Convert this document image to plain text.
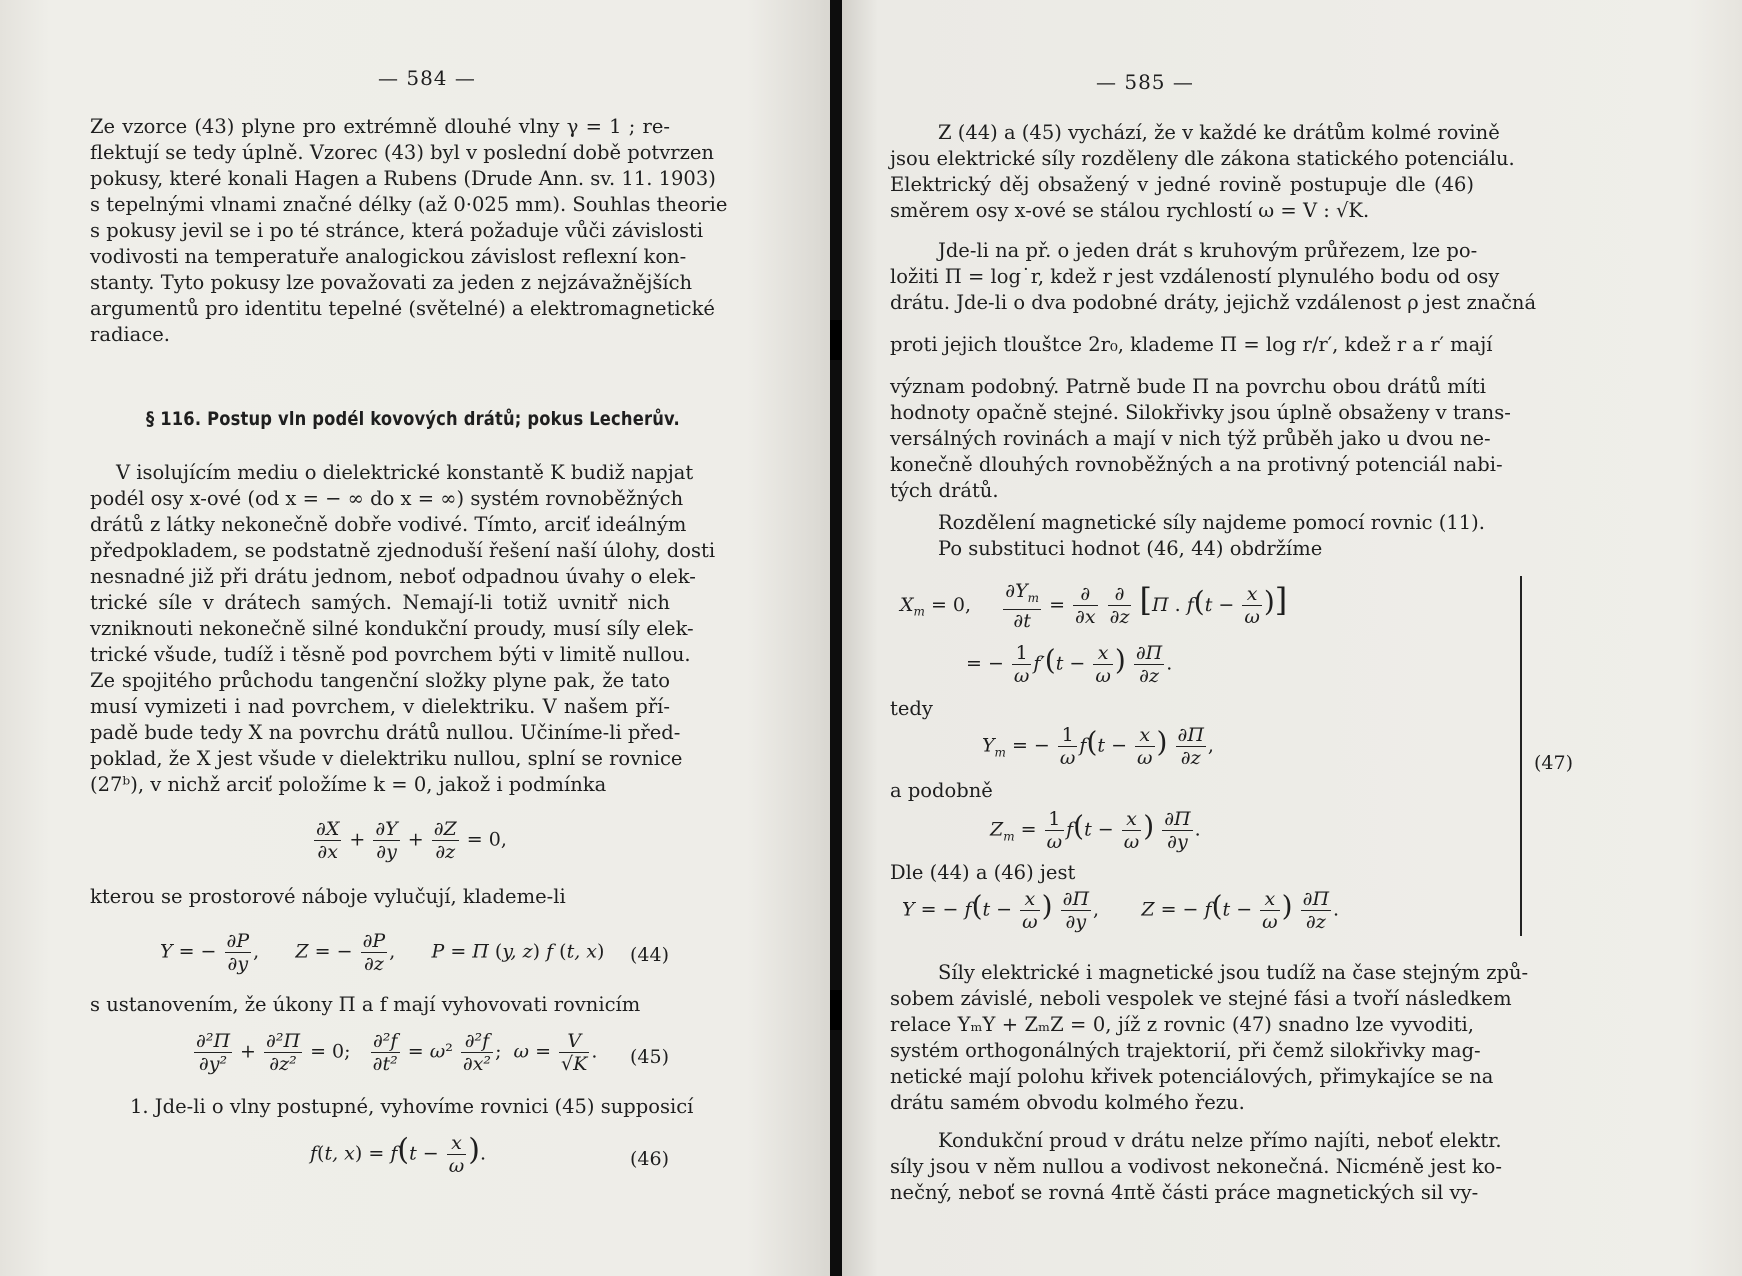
— 584 —
Ze vzorce (43) plyne pro extrémně dlouhé vlny γ = 1 ; re-
flektují se tedy úplně. Vzorec (43) byl v poslední době potvrzen
pokusy, které konali Hagen a Rubens (Drude Ann. sv. 11. 1903)
s tepelnými vlnami značné délky (až 0·025 mm). Souhlas theorie
s pokusy jevil se i po té stránce, která požaduje vůči závislosti
vodivosti na temperatuře analogickou závislost reflexní kon-
stanty. Tyto pokusy lze považovati za jeden z nejzávažnějších
argumentů pro identitu tepelné (světelné) a elektromagnetické
radiace.
§ 116. Postup vln podél kovových drátů; pokus Lecherův.
V isolujícím mediu o dielektrické konstantě K budiž napjat
podél osy x-ové (od x = − ∞ do x = ∞) systém rovnoběžných
drátů z látky nekonečně dobře vodivé. Tímto, arciť ideálným
předpokladem, se podstatně zjednoduší řešení naší úlohy, dosti
nesnadné již při drátu jednom, neboť odpadnou úvahy o elek-
trické síle v drátech samých. Nemají-li totiž uvnitř nich
vzniknouti nekonečně silné kondukční proudy, musí síly elek-
trické všude, tudíž i těsně pod povrchem býti v limitě nullou.
Ze spojitého průchodu tangenční složky plyne pak, že tato
musí vymizeti i nad povrchem, v dielektriku. V našem pří-
padě bude tedy X na povrchu drátů nullou. Učiníme-li před-
poklad, že X jest všude v dielektriku nullou, splní se rovnice
(27ᵇ), v nichž arciť položíme k = 0, jakož i podmínka
$\frac{\partial X}{\partial x} + \frac{\partial Y}{\partial y} + \frac{\partial Z}{\partial z} = 0$,
kterou se prostorové náboje vylučují, klademe-li
Y = − $\frac{\partial P}{\partial y}$ ,      Z = − $\frac{\partial P}{\partial z}$ ,      P = Π (y, z) f (t, x) (44)
s ustanovením, že úkony Π a f mají vyhovovati rovnicím
$\frac{\text{∂²Π}}{\text{∂y²}} + \frac{\text{∂²Π}}{\text{∂z²}} = 0$; $\frac{\text{∂²f}}{\text{∂t²}} = \omega^2 \frac{\text{∂²f}}{\text{∂x²}}$ ;  $\omega = \frac{V}{√K}$ . (45)
1. Jde-li o vlny postupné, vyhovíme rovnici (45) supposicí
f(t, $x) = f(t - \frac{x}{\omega}$ ).	(46)
— 585 —
Z (44) a (45) vychází, že v každé ke drátům kolmé rovině
jsou elektrické síly rozděleny dle zákona statického potenciálu.
Elektrický děj obsažený v jedné rovině postupuje dle (46)
směrem osy x-ové se stálou rychlostí ω = V : √K.
Jde-li na př. o jeden drát s kruhovým průřezem, lze po-
ložiti Π = log˙r, kdež r jest vzdáleností plynulého bodu od osy
drátu. Jde-li o dva podobné dráty, jejichž vzdálenost ρ jest značná
proti jejich tlouštce 2r₀, klademe Π = log r/r′, kdež r a r′ mají
význam podobný. Patrně bude Π na povrchu obou drátů míti
hodnoty opačně stejné. Silokřivky jsou úplně obsaženy v trans-
versálných rovinách a mají v nich týž průběh jako u dvou ne-
konečně dlouhých rovnoběžných a na protivný potenciál nabi-
tých drátů.
Rozdělení magnetické síly najdeme pomocí rovnic (11).
Po substituci hodnot (46, 44) obdržíme
$X_m = 0$, $\frac{\partial Y_m}{\partial t} = \frac{\partial}{\partial x}$
$\frac{\partial}{\partial z} [\Pi$ . $f(t - \frac{x}{\omega}$ )]
= − $\frac{1}{\omega} f'(t - \frac{x}{\omega}$ ) $\frac{\partial\Pi}{\partial z}$ .
tedy
$Y_m$ = − $\frac{1}{\omega} f(t - \frac{x}{\omega}$ ) $\frac{\partial\Pi}{\partial z}$ ,
a podobně
$Z_m = \frac{1}{\omega} f(t - \frac{x}{\omega}$ ) $\frac{\partial\Pi}{\partial y}$ .
Dle (44) a (46) jest
Y = − $f(t - \frac{x}{\omega}$ ) $\frac{\partial\Pi}{\partial y}$ ,       Z = − $f(t - \frac{x}{\omega}$ ) $\frac{\partial\Pi}{\partial z}$ .
(47)
Síly elektrické i magnetické jsou tudíž na čase stejným způ-
sobem závislé, neboli vespolek ve stejné fási a tvoří následkem
relace YₘY + ZₘZ = 0, jíž z rovnic (47) snadno lze vyvoditi,
systém orthogonálných trajektorií, při čemž silokřivky mag-
netické mají polohu křivek potenciálových, přimykajíce se na
drátu samém obvodu kolmého řezu.
Kondukční proud v drátu nelze přímo najíti, neboť elektr.
síly jsou v něm nullou a vodivost nekonečná. Nicméně jest ko-
nečný, neboť se rovná 4πtě části práce magnetických sil vy-
